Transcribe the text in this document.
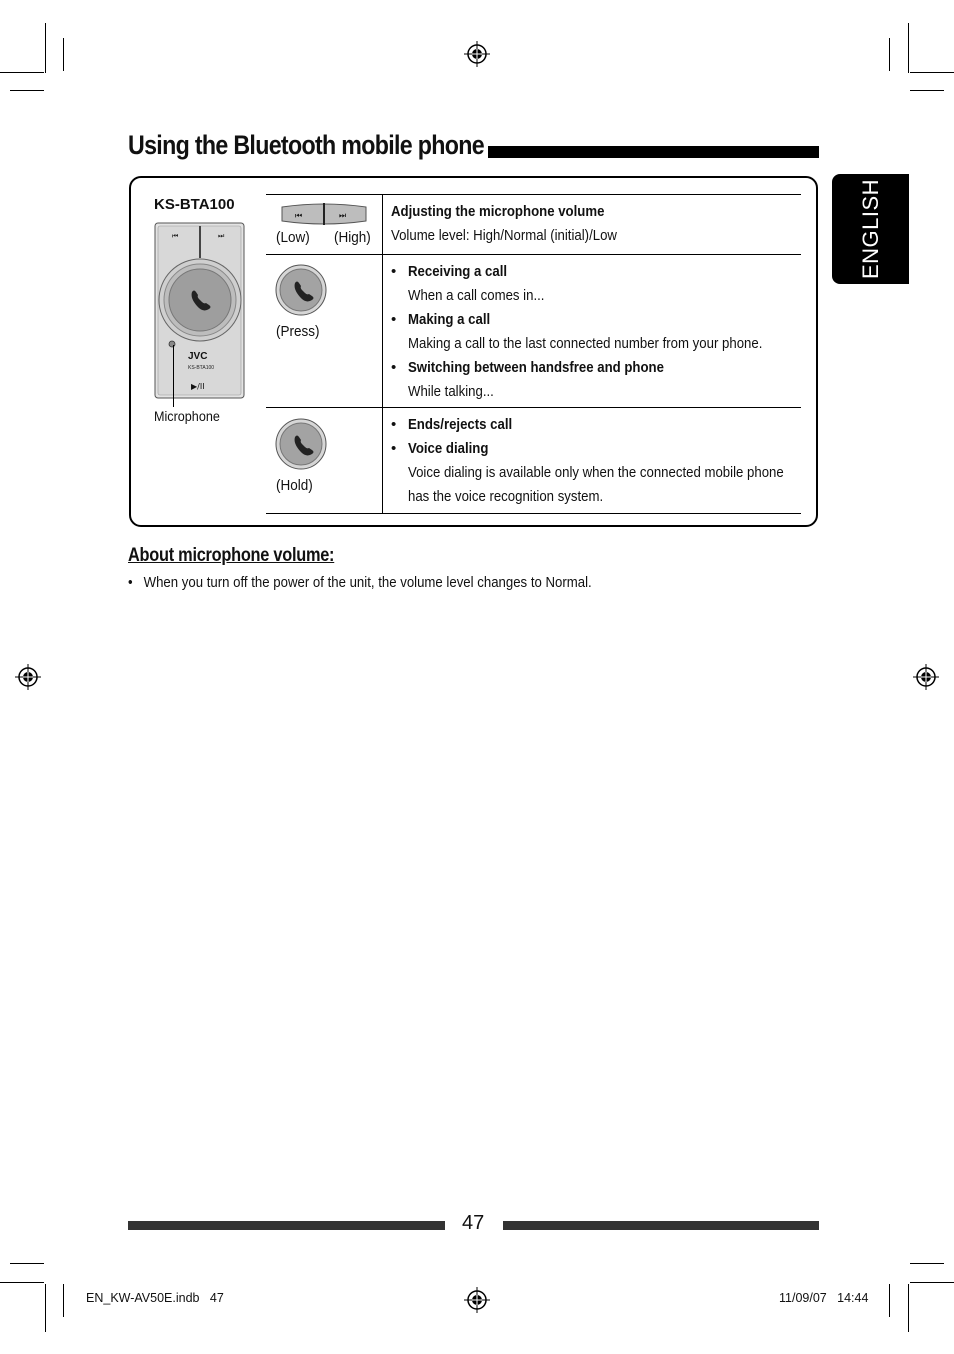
Using the Bluetooth mobile phone
ENGLISH
KS-BTA100
⏮	⏭
JVC
KS-BTA100
▶/II
Microphone
⏮	⏭
(Low) (High)
Adjusting the microphone volume
Volume level: High/Normal (initial)/Low
(Press)
• Receiving a call
When a call comes in...
• Making a call
Making a call to the last connected number from your phone.
• Switching between handsfree and phone
While talking...
(Hold)
• Ends/rejects call
• Voice dialing
Voice dialing is available only when the connected mobile phone
has the voice recognition system.
About microphone volume:
•   When you turn off the power of the unit, the volume level changes to Normal.
47
EN_KW-AV50E.indb   47	11/09/07   14:44
